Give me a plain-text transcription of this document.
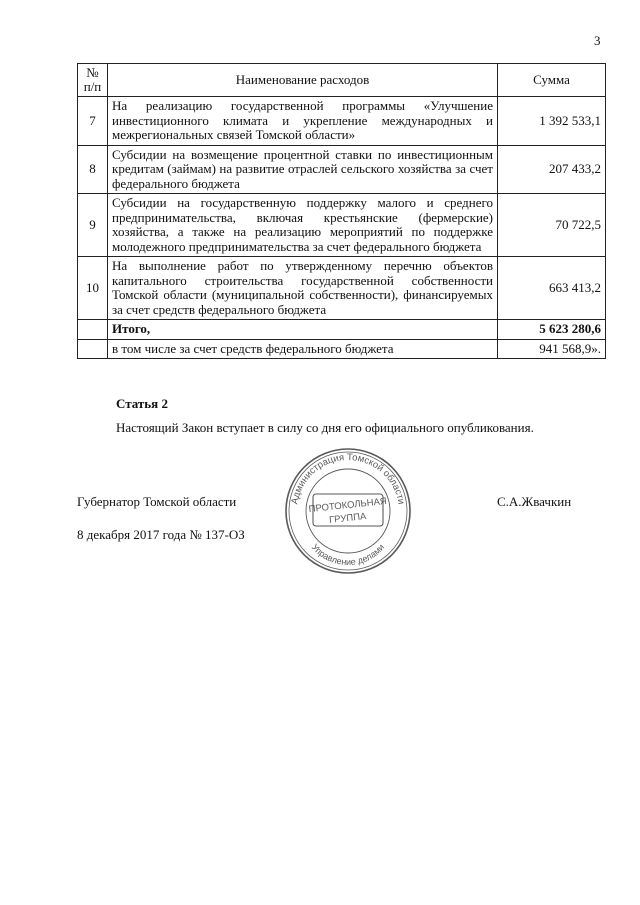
3
№
п/п	Наименование расходов	Сумма
7	На реализацию государственной программы «Улучшение инвестиционного климата и укрепление международных и межрегиональных связей Томской области»	1 392 533,1
8	Субсидии на возмещение процентной ставки по инвестиционным кредитам (займам) на развитие отраслей сельского хозяйства за счет федерального бюджета	207 433,2
9	Субсидии на государственную поддержку малого и среднего предпринимательства, включая крестьянские (фермерские) хозяйства, а также на реализацию мероприятий по поддержке молодежного предпринимательства за счет федерального бюджета	70 722,5
10	На выполнение работ по утвержденному перечню объектов капитального строительства государственной собственности Томской области (муниципальной собственности), финансируемых за счет средств федерального бюджета	663 413,2
	Итого,	5 623 280,6
	в том числе за счет средств федерального бюджета	941 568,9».
Статья 2
Настоящий Закон вступает в силу со дня его официального опубликования.
Губернатор Томской области	С.А.Жвачкин
8 декабря 2017 года № 137-ОЗ
Администрация Томской области
Управление делами
ПРОТОКОЛЬНАЯ
ГРУППА
